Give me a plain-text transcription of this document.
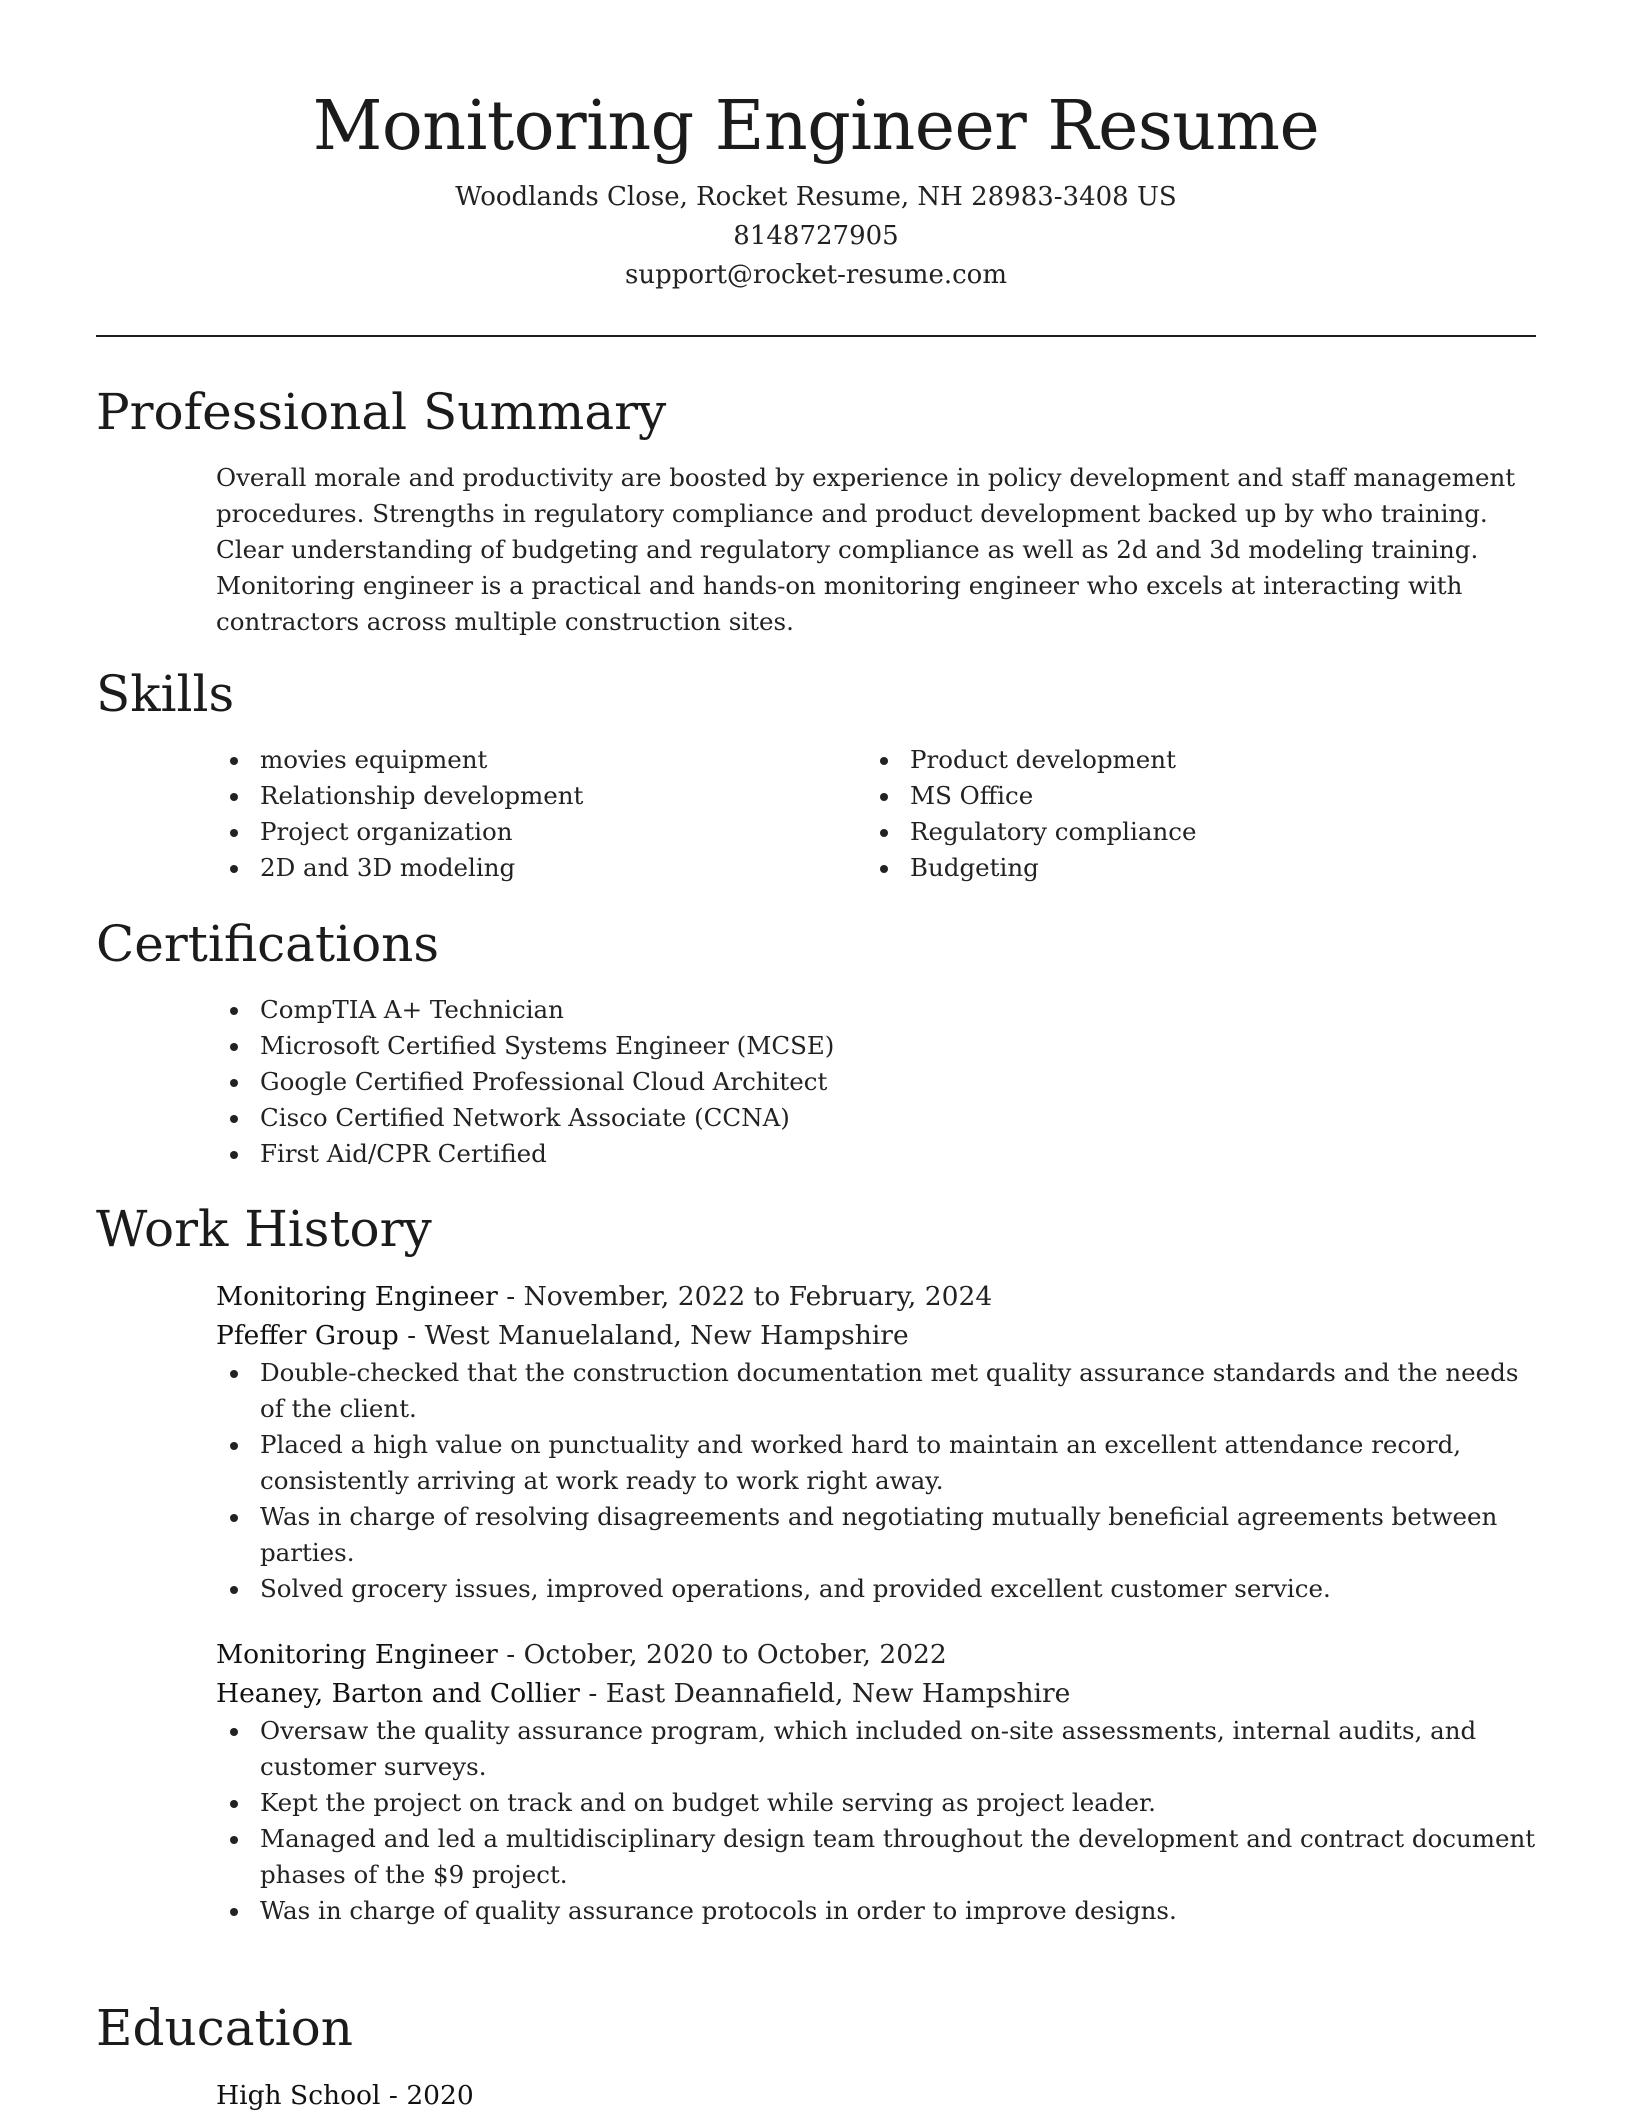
Monitoring Engineer Resume
Woodlands Close, Rocket Resume, NH 28983-3408 US
8148727905
support@rocket-resume.com
Professional Summary
Overall morale and productivity are boosted by experience in policy development and staff management procedures. Strengths in regulatory compliance and product development backed up by who training. Clear understanding of budgeting and regulatory compliance as well as 2d and 3d modeling training. Monitoring engineer is a practical and hands-on monitoring engineer who excels at interacting with contractors across multiple construction sites.
Skills
movies equipment
Relationship development
Project organization
2D and 3D modeling
Product development
MS Office
Regulatory compliance
Budgeting
Certifications
CompTIA A+ Technician
Microsoft Certified Systems Engineer (MCSE)
Google Certified Professional Cloud Architect
Cisco Certified Network Associate (CCNA)
First Aid/CPR Certified
Work History
Monitoring Engineer - November, 2022 to February, 2024
Pfeffer Group - West Manuelaland, New Hampshire
Double-checked that the construction documentation met quality assurance standards and the needs of the client.
Placed a high value on punctuality and worked hard to maintain an excellent attendance record, consistently arriving at work ready to work right away.
Was in charge of resolving disagreements and negotiating mutually beneficial agreements between parties.
Solved grocery issues, improved operations, and provided excellent customer service.
Monitoring Engineer - October, 2020 to October, 2022
Heaney, Barton and Collier - East Deannafield, New Hampshire
Oversaw the quality assurance program, which included on-site assessments, internal audits, and customer surveys.
Kept the project on track and on budget while serving as project leader.
Managed and led a multidisciplinary design team throughout the development and contract document phases of the $9 project.
Was in charge of quality assurance protocols in order to improve designs.
Education
High School - 2020
